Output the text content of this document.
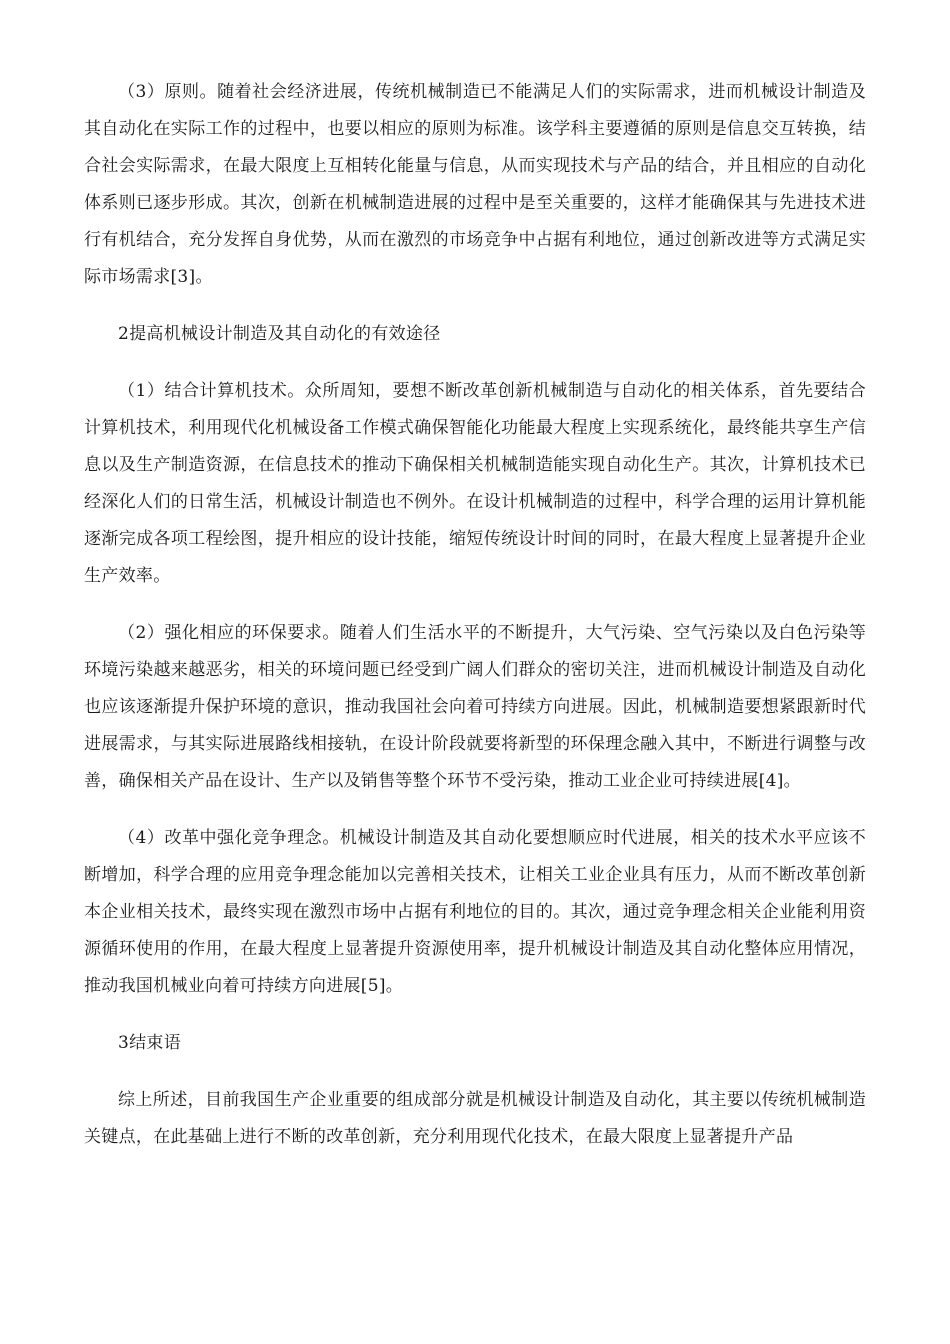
（3）原则。随着社会经济进展，传统机械制造已不能满足人们的实际需求，进而机械设计制造及其自动化在实际工作的过程中，也要以相应的原则为标准。该学科主要遵循的原则是信息交互转换，结合社会实际需求，在最大限度上互相转化能量与信息，从而实现技术与产品的结合，并且相应的自动化体系则已逐步形成。其次，创新在机械制造进展的过程中是至关重要的，这样才能确保其与先进技术进行有机结合，充分发挥自身优势，从而在激烈的市场竞争中占据有利地位，通过创新改进等方式满足实际市场需求[3]。

2提高机械设计制造及其自动化的有效途径

（1）结合计算机技术。众所周知，要想不断改革创新机械制造与自动化的相关体系，首先要结合计算机技术，利用现代化机械设备工作模式确保智能化功能最大程度上实现系统化，最终能共享生产信息以及生产制造资源，在信息技术的推动下确保相关机械制造能实现自动化生产。其次，计算机技术已经深化人们的日常生活，机械设计制造也不例外。在设计机械制造的过程中，科学合理的运用计算机能逐渐完成各项工程绘图，提升相应的设计技能，缩短传统设计时间的同时，在最大程度上显著提升企业生产效率。

（2）强化相应的环保要求。随着人们生活水平的不断提升，大气污染、空气污染以及白色污染等环境污染越来越恶劣，相关的环境问题已经受到广阔人们群众的密切关注，进而机械设计制造及自动化也应该逐渐提升保护环境的意识，推动我国社会向着可持续方向进展。因此，机械制造要想紧跟新时代进展需求，与其实际进展路线相接轨，在设计阶段就要将新型的环保理念融入其中，不断进行调整与改善，确保相关产品在设计、生产以及销售等整个环节不受污染，推动工业企业可持续进展[4]。

（4）改革中强化竞争理念。机械设计制造及其自动化要想顺应时代进展，相关的技术水平应该不断增加，科学合理的应用竞争理念能加以完善相关技术，让相关工业企业具有压力，从而不断改革创新本企业相关技术，最终实现在激烈市场中占据有利地位的目的。其次，通过竞争理念相关企业能利用资源循环使用的作用，在最大程度上显著提升资源使用率，提升机械设计制造及其自动化整体应用情况，推动我国机械业向着可持续方向进展[5]。

3结束语

综上所述，目前我国生产企业重要的组成部分就是机械设计制造及自动化，其主要以传统机械制造关键点，在此基础上进行不断的改革创新，充分利用现代化技术，在最大限度上显著提升产品
